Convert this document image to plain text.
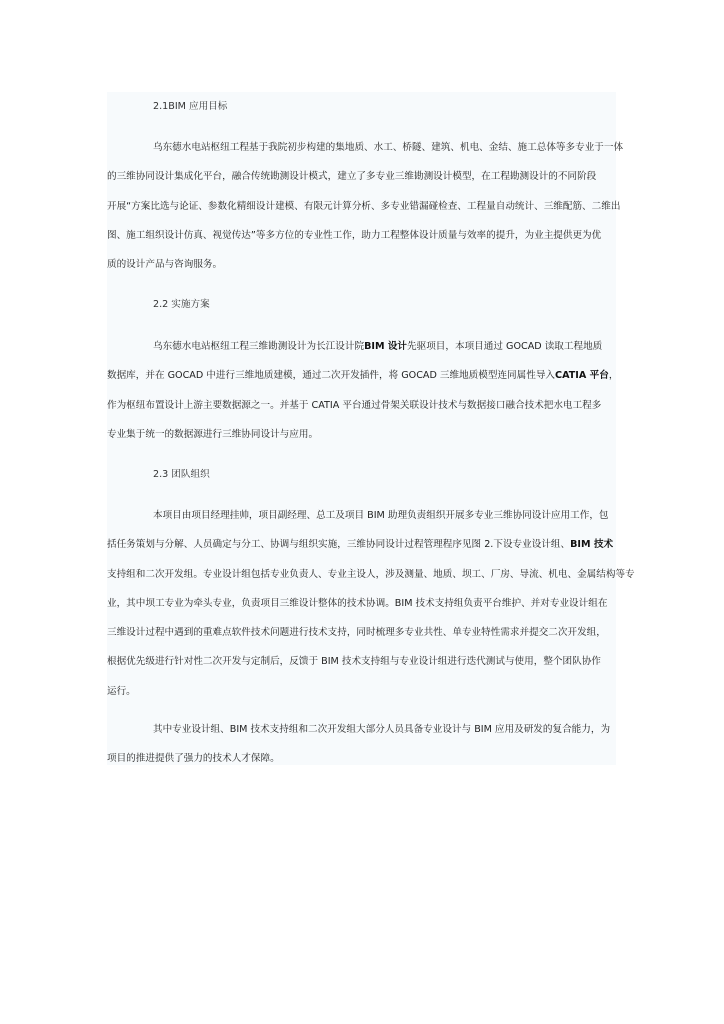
2.1BIM 应用目标
乌东德水电站枢纽工程基于我院初步构建的集地质、水工、桥隧、建筑、机电、金结、施工总体等多专业于一体
的三维协同设计集成化平台，融合传统勘测设计模式，建立了多专业三维勘测设计模型，在工程勘测设计的不同阶段
开展“方案比选与论证、参数化精细设计建模、有限元计算分析、多专业错漏碰检查、工程量自动统计、三维配筋、二维出
图、施工组织设计仿真、视觉传达”等多方位的专业性工作，助力工程整体设计质量与效率的提升，为业主提供更为优
质的设计产品与咨询服务。
2.2 实施方案
乌东德水电站枢纽工程三维勘测设计为长江设计院BIM 设计先驱项目，本项目通过 GOCAD 读取工程地质
数据库，并在 GOCAD 中进行三维地质建模，通过二次开发插件，将 GOCAD 三维地质模型连同属性导入CATIA 平台，
作为枢纽布置设计上游主要数据源之一。并基于 CATIA 平台通过骨架关联设计技术与数据接口融合技术把水电工程多
专业集于统一的数据源进行三维协同设计与应用。
2.3 团队组织
本项目由项目经理挂帅，项目副经理、总工及项目 BIM 助理负责组织开展多专业三维协同设计应用工作，包
括任务策划与分解、人员确定与分工、协调与组织实施，三维协同设计过程管理程序见图 2.下设专业设计组、BIM 技术
支持组和二次开发组。专业设计组包括专业负责人、专业主设人，涉及测量、地质、坝工、厂房、导流、机电、金属结构等专
业，其中坝工专业为牵头专业，负责项目三维设计整体的技术协调。BIM 技术支持组负责平台维护、并对专业设计组在
三维设计过程中遇到的重难点软件技术问题进行技术支持，同时梳理多专业共性、单专业特性需求并提交二次开发组，
根据优先级进行针对性二次开发与定制后，反馈于 BIM 技术支持组与专业设计组进行迭代测试与使用，整个团队协作
运行。
其中专业设计组、BIM 技术支持组和二次开发组大部分人员具备专业设计与 BIM 应用及研发的复合能力，为
项目的推进提供了强力的技术人才保障。
